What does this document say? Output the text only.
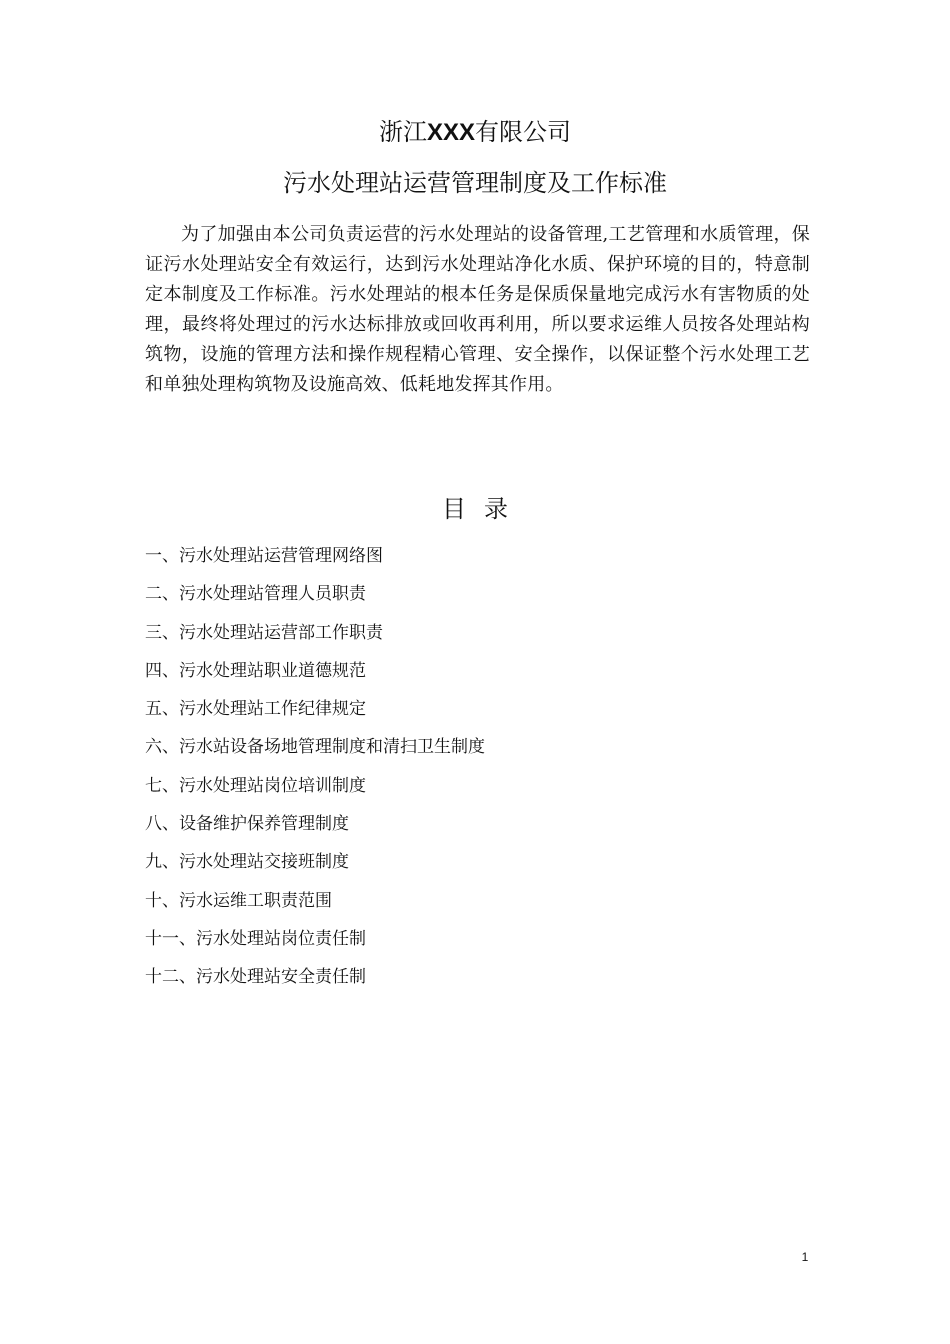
浙江XXX有限公司
污水处理站运营管理制度及工作标准

为了加强由本公司负责运营的污水处理站的设备管理,工艺管理和水质管理，保证污水处理站安全有效运行，达到污水处理站净化水质、保护环境的目的，特意制定本制度及工作标准。污水处理站的根本任务是保质保量地完成污水有害物质的处理，最终将处理过的污水达标排放或回收再利用，所以要求运维人员按各处理站构筑物，设施的管理方法和操作规程精心管理、安全操作，以保证整个污水处理工艺和单独处理构筑物及设施高效、低耗地发挥其作用。

目录
一、污水处理站运营管理网络图
二、污水处理站管理人员职责
三、污水处理站运营部工作职责
四、污水处理站职业道德规范
五、污水处理站工作纪律规定
六、污水站设备场地管理制度和清扫卫生制度
七、污水处理站岗位培训制度
八、设备维护保养管理制度
九、污水处理站交接班制度
十、污水运维工职责范围
十一、污水处理站岗位责任制
十二、污水处理站安全责任制
1
